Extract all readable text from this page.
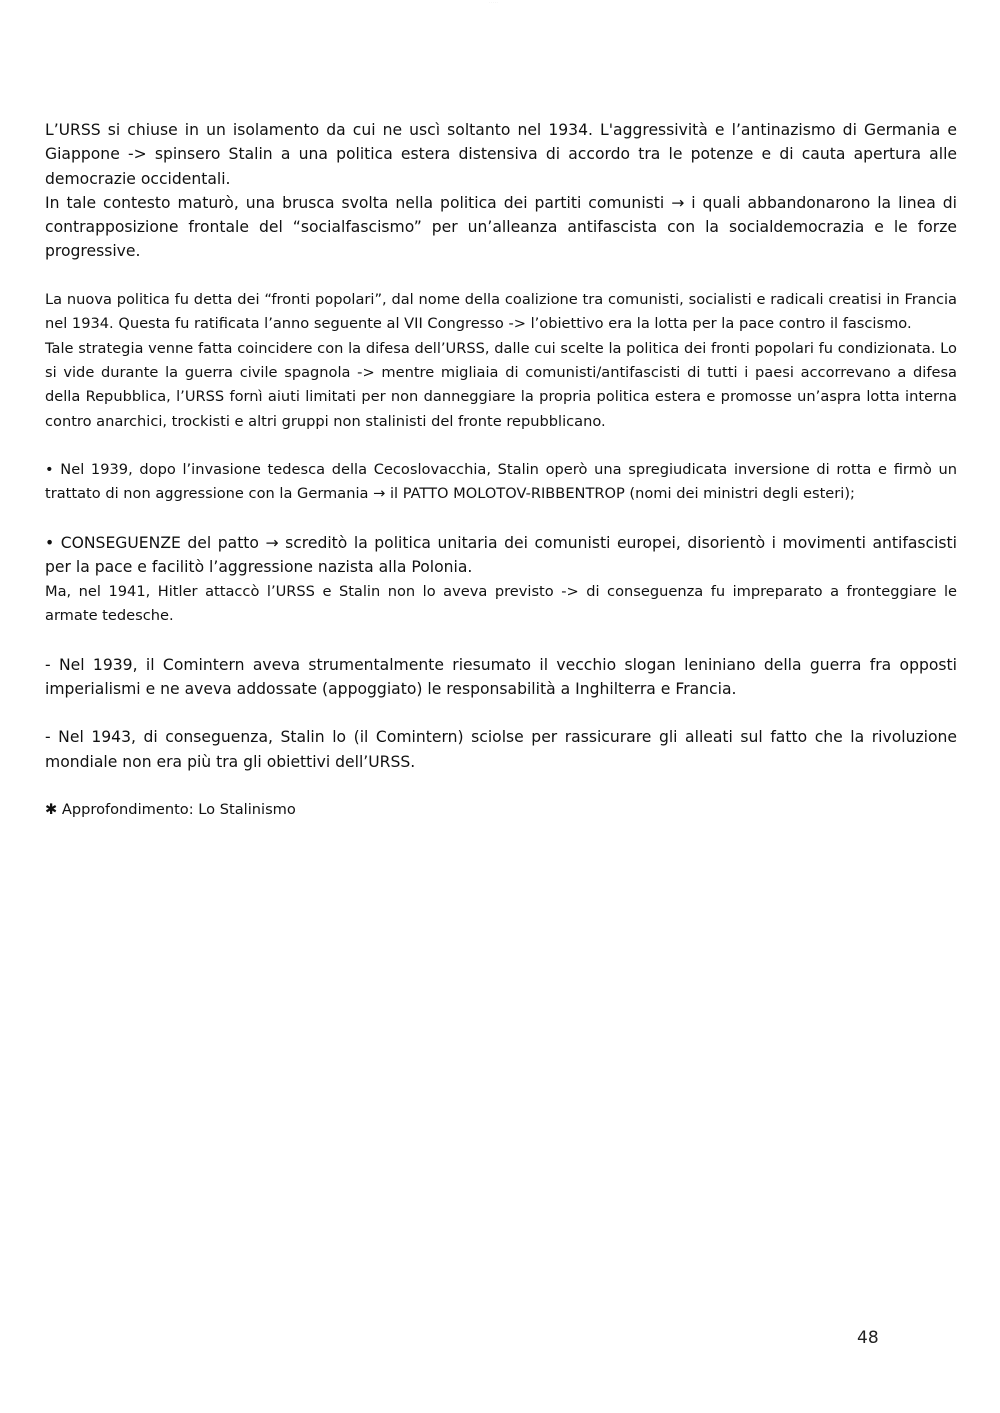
· · · · ·

L’URSS si chiuse in un isolamento da cui ne uscì soltanto nel 1934. L'aggressività e l’antinazismo di Germania e Giappone -> spinsero Stalin a una politica estera distensiva di accordo tra le potenze e di cauta apertura alle democrazie occidentali.

In tale contesto maturò, una brusca svolta nella politica dei partiti comunisti → i quali abbandonarono la linea di contrapposizione frontale del “socialfascismo” per un’alleanza antifascista con la socialdemocrazia e le forze progressive.

La nuova politica fu detta dei “fronti popolari”, dal nome della coalizione tra comunisti, socialisti e radicali creatisi in Francia nel 1934. Questa fu ratificata l’anno seguente al VII Congresso -> l’obiettivo era la lotta per la pace contro il fascismo.

Tale strategia venne fatta coincidere con la difesa dell’URSS, dalle cui scelte la politica dei fronti popolari fu condizionata. Lo si vide durante la guerra civile spagnola -> mentre migliaia di comunisti/antifascisti di tutti i paesi accorrevano a difesa della Repubblica, l’URSS fornì aiuti limitati per non danneggiare la propria politica estera e promosse un’aspra lotta interna contro anarchici, trockisti e altri gruppi non stalinisti del fronte repubblicano.

• Nel 1939, dopo l’invasione tedesca della Cecoslovacchia, Stalin operò una spregiudicata inversione di rotta e firmò un trattato di non aggressione con la Germania → il PATTO MOLOTOV-RIBBENTROP (nomi dei ministri degli esteri);

• CONSEGUENZE del patto → screditò la politica unitaria dei comunisti europei, disorientò i movimenti antifascisti per la pace e facilitò l’aggressione nazista alla Polonia.

Ma, nel 1941, Hitler attaccò l’URSS e Stalin non lo aveva previsto -> di conseguenza fu impreparato a fronteggiare le armate tedesche.

- Nel 1939, il Comintern aveva strumentalmente riesumato il vecchio slogan leniniano della guerra fra opposti imperialismi e ne aveva addossate (appoggiato) le responsabilità a Inghilterra e Francia.

- Nel 1943, di conseguenza, Stalin lo (il Comintern) sciolse per rassicurare gli alleati sul fatto che la rivoluzione mondiale non era più tra gli obiettivi dell’URSS.

✱ Approfondimento: Lo Stalinismo

48
